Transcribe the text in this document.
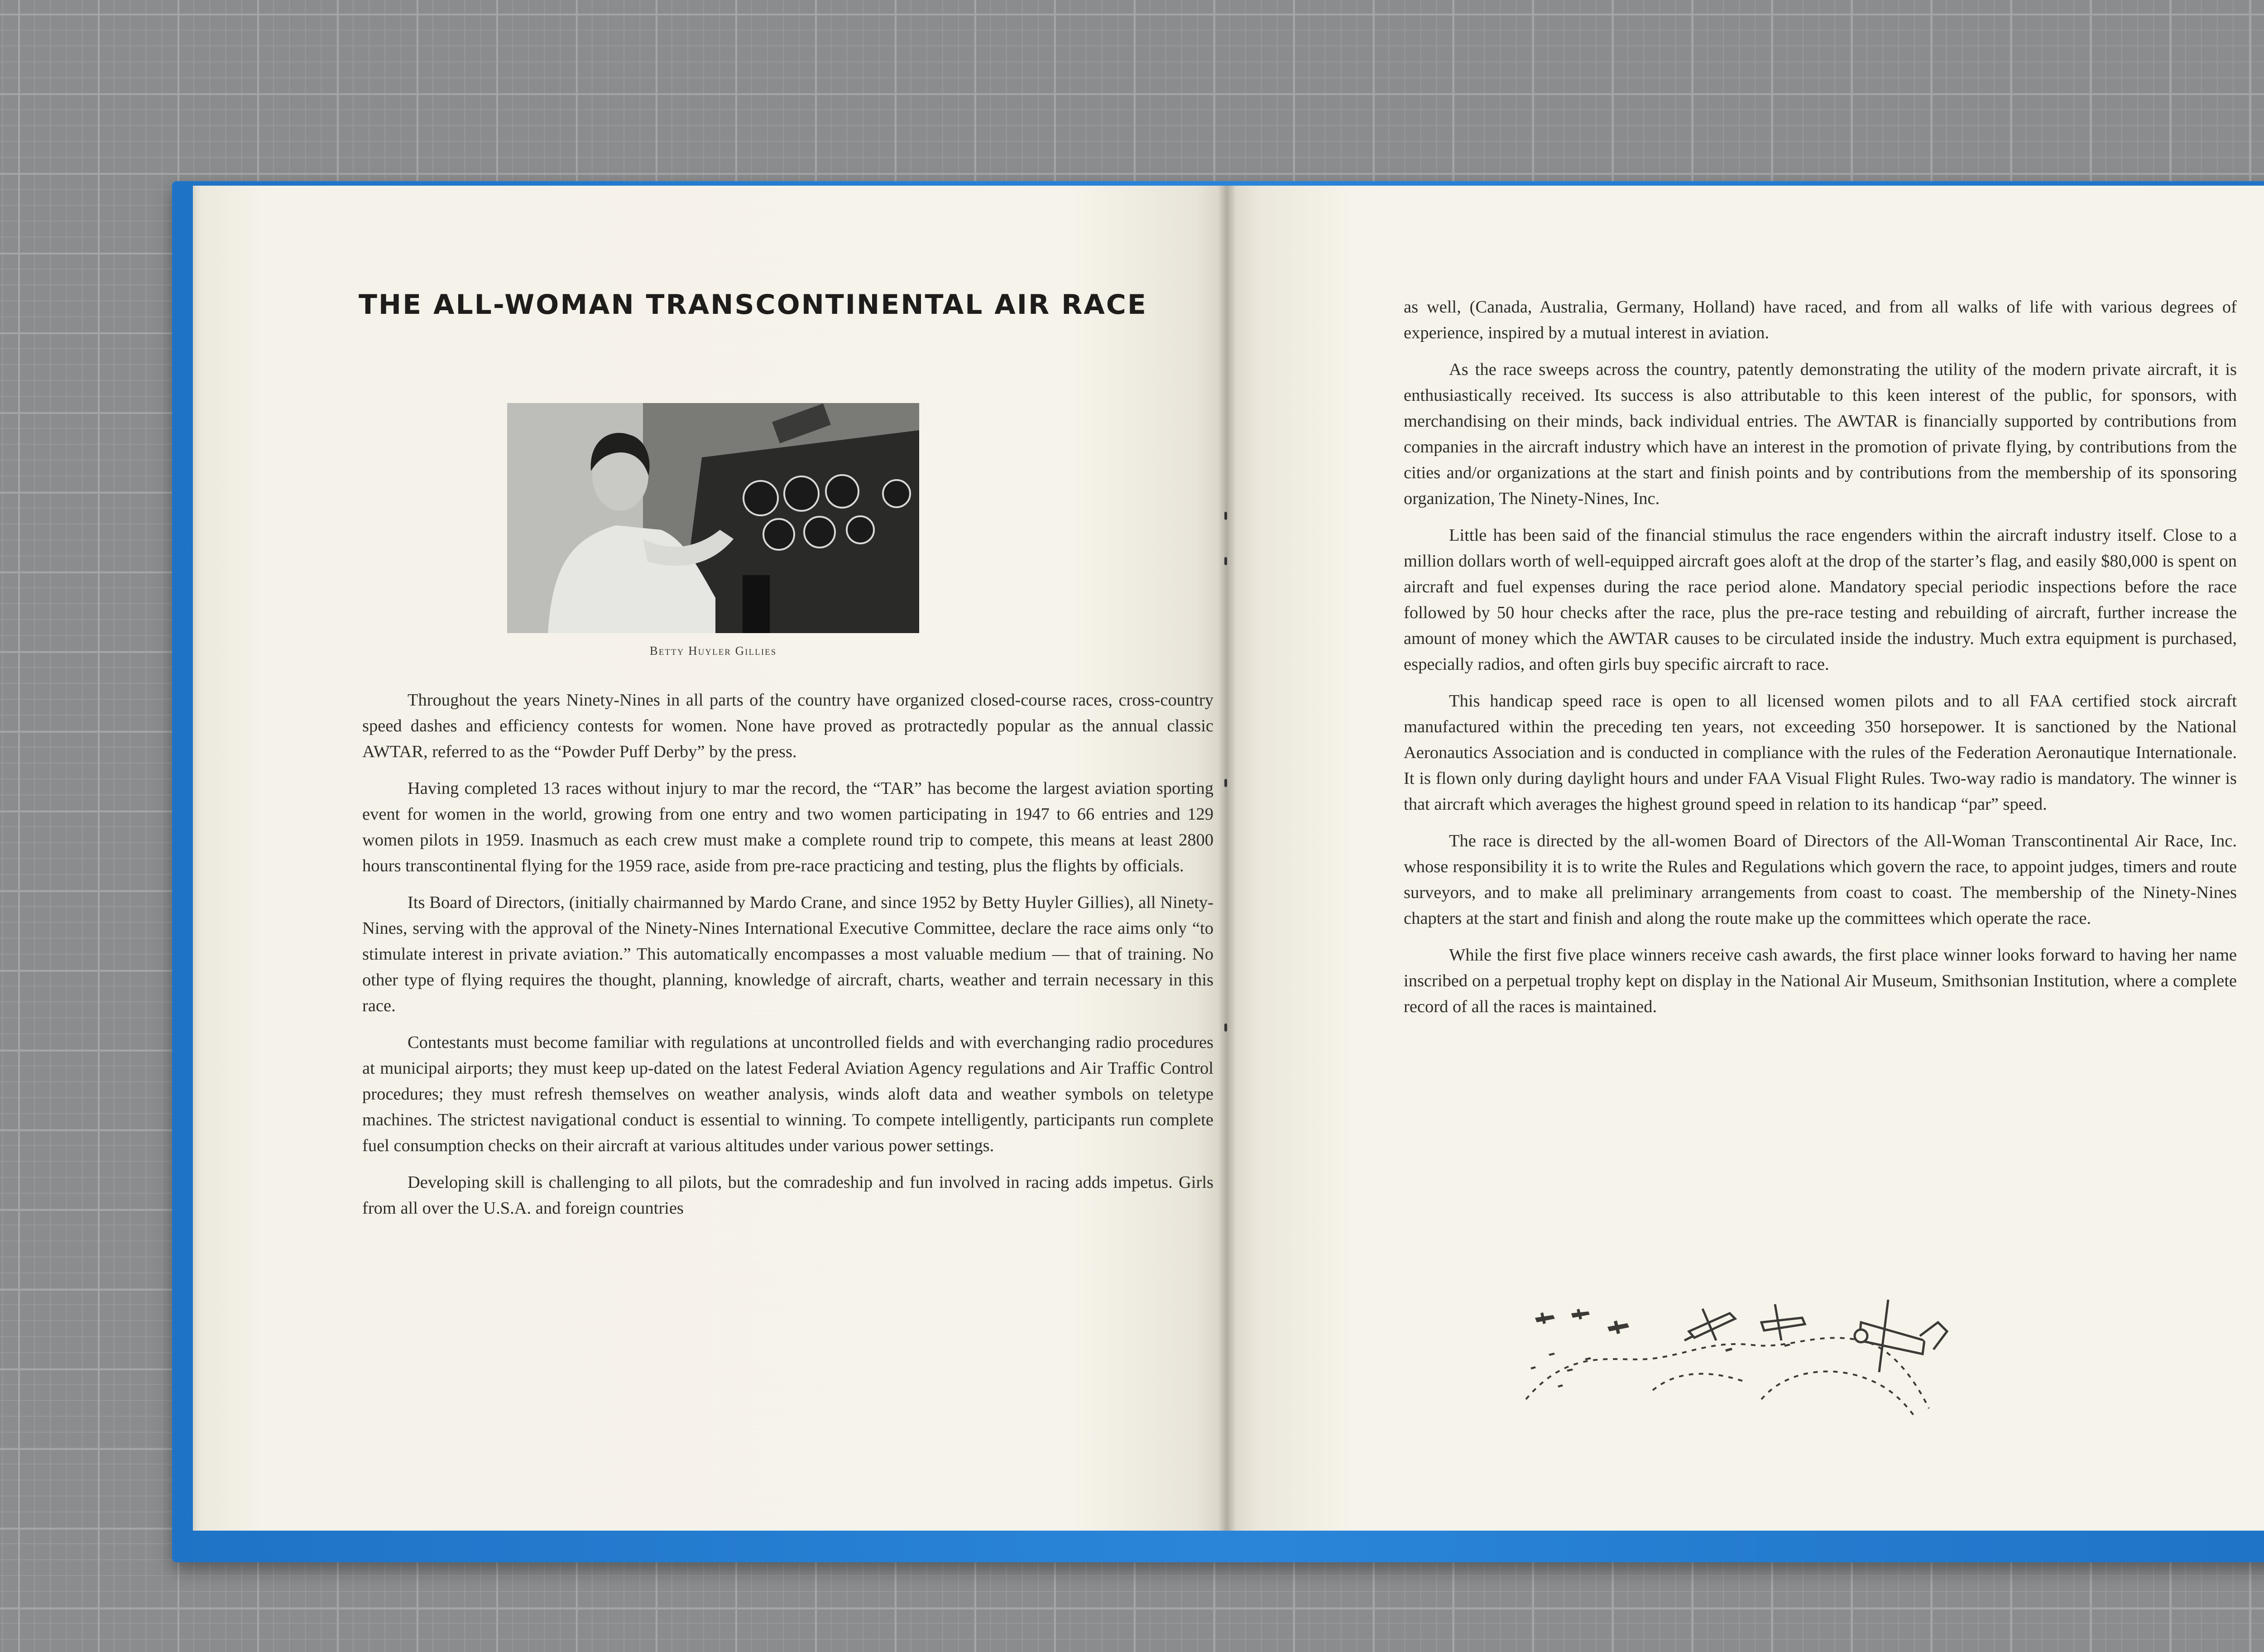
THE ALL-WOMAN TRANSCONTINENTAL AIR RACE
Betty Huyler Gillies

Throughout the years Ninety-Nines in all parts of the country have organized closed-course races, cross-country speed dashes and efficiency contests for women. None have proved as protractedly popular as the annual classic AWTAR, referred to as the “Powder Puff Derby” by the press.

Having completed 13 races without injury to mar the record, the “TAR” has become the largest aviation sporting event for women in the world, growing from one entry and two women participating in 1947 to 66 entries and 129 women pilots in 1959. Inasmuch as each crew must make a complete round trip to compete, this means at least 2800 hours transcontinental flying for the 1959 race, aside from pre-race practicing and testing, plus the flights by officials.

Its Board of Directors, (initially chairmanned by Mardo Crane, and since 1952 by Betty Huyler Gillies), all Ninety-Nines, serving with the approval of the Ninety-Nines International Executive Committee, declare the race aims only “to stimulate interest in private aviation.” This automatically encompasses a most valuable medium — that of training. No other type of flying requires the thought, planning, knowledge of aircraft, charts, weather and terrain necessary in this race.

Contestants must become familiar with regulations at uncontrolled fields and with everchanging radio procedures at municipal airports; they must keep up-dated on the latest Federal Aviation Agency regulations and Air Traffic Control procedures; they must refresh themselves on weather analysis, winds aloft data and weather symbols on teletype machines. The strictest navigational conduct is essential to winning. To compete intelligently, participants run complete fuel consumption checks on their aircraft at various altitudes under various power settings.

Developing skill is challenging to all pilots, but the comradeship and fun involved in racing adds impetus. Girls from all over the U.S.A. and foreign countries

as well, (Canada, Australia, Germany, Holland) have raced, and from all walks of life with various degrees of experience, inspired by a mutual interest in aviation.

As the race sweeps across the country, patently demonstrating the utility of the modern private aircraft, it is enthusiastically received. Its success is also attributable to this keen interest of the public, for sponsors, with merchandising on their minds, back individual entries. The AWTAR is financially supported by contributions from companies in the aircraft industry which have an interest in the promotion of private flying, by contributions from the cities and/or organizations at the start and finish points and by contributions from the membership of its sponsoring organization, The Ninety-Nines, Inc.

Little has been said of the financial stimulus the race engenders within the aircraft industry itself. Close to a million dollars worth of well-equipped aircraft goes aloft at the drop of the starter’s flag, and easily $80,000 is spent on aircraft and fuel expenses during the race period alone. Mandatory special periodic inspections before the race followed by 50 hour checks after the race, plus the pre-race testing and rebuilding of aircraft, further increase the amount of money which the AWTAR causes to be circulated inside the industry. Much extra equipment is purchased, especially radios, and often girls buy specific aircraft to race.

This handicap speed race is open to all licensed women pilots and to all FAA certified stock aircraft manufactured within the preceding ten years, not exceeding 350 horsepower. It is sanctioned by the National Aeronautics Association and is conducted in compliance with the rules of the Federation Aeronautique Internationale. It is flown only during daylight hours and under FAA Visual Flight Rules. Two-way radio is mandatory. The winner is that aircraft which averages the highest ground speed in relation to its handicap “par” speed.

The race is directed by the all-women Board of Directors of the All-Woman Transcontinental Air Race, Inc. whose responsibility it is to write the Rules and Regulations which govern the race, to appoint judges, timers and route surveyors, and to make all preliminary arrangements from coast to coast. The membership of the Ninety-Nines chapters at the start and finish and along the route make up the committees which operate the race.

While the first five place winners receive cash awards, the first place winner looks forward to having her name inscribed on a perpetual trophy kept on display in the National Air Museum, Smithsonian Institution, where a complete record of all the races is maintained.
